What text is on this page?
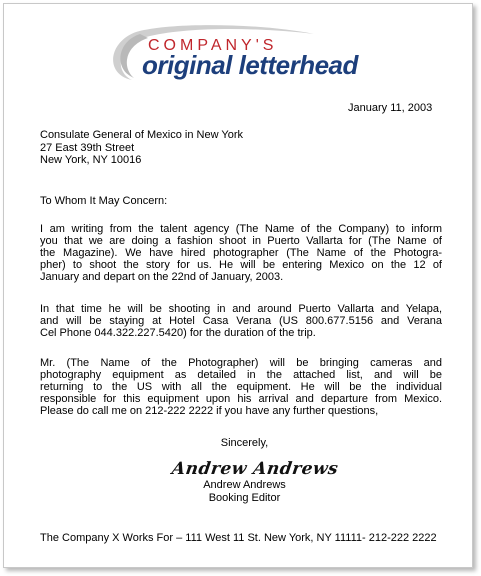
COMPANY'S
original letterhead
January 11, 2003
Consulate General of Mexico in New York
27 East 39th Street
New York, NY 10016
To Whom It May Concern:
I am writing from the talent agency (The Name of the Company) to inform
you that we are doing a fashion shoot in Puerto Vallarta for (The Name of
the Magazine). We have hired photographer (The Name of the Photogra-
pher) to shoot the story for us. He will be entering Mexico on the 12 of
January and depart on the 22nd of January, 2003.
In that time he will be shooting in and around Puerto Vallarta and Yelapa,
and will be staying at Hotel Casa Verana (US 800.677.5156 and Verana
Cel Phone 044.322.227.5420) for the duration of the trip.
Mr. (The Name of the Photographer) will be bringing cameras and
photography equipment as detailed in the attached list, and will be
returning to the US with all the equipment. He will be the individual
responsible for this equipment upon his arrival and departure from Mexico.
Please do call me on 212-222 2222 if you have any further questions,
Sincerely,
Andrew Andrews
Andrew Andrews
Booking Editor
The Company X Works For – 111 West 11 St. New York, NY 11111- 212-222 2222
